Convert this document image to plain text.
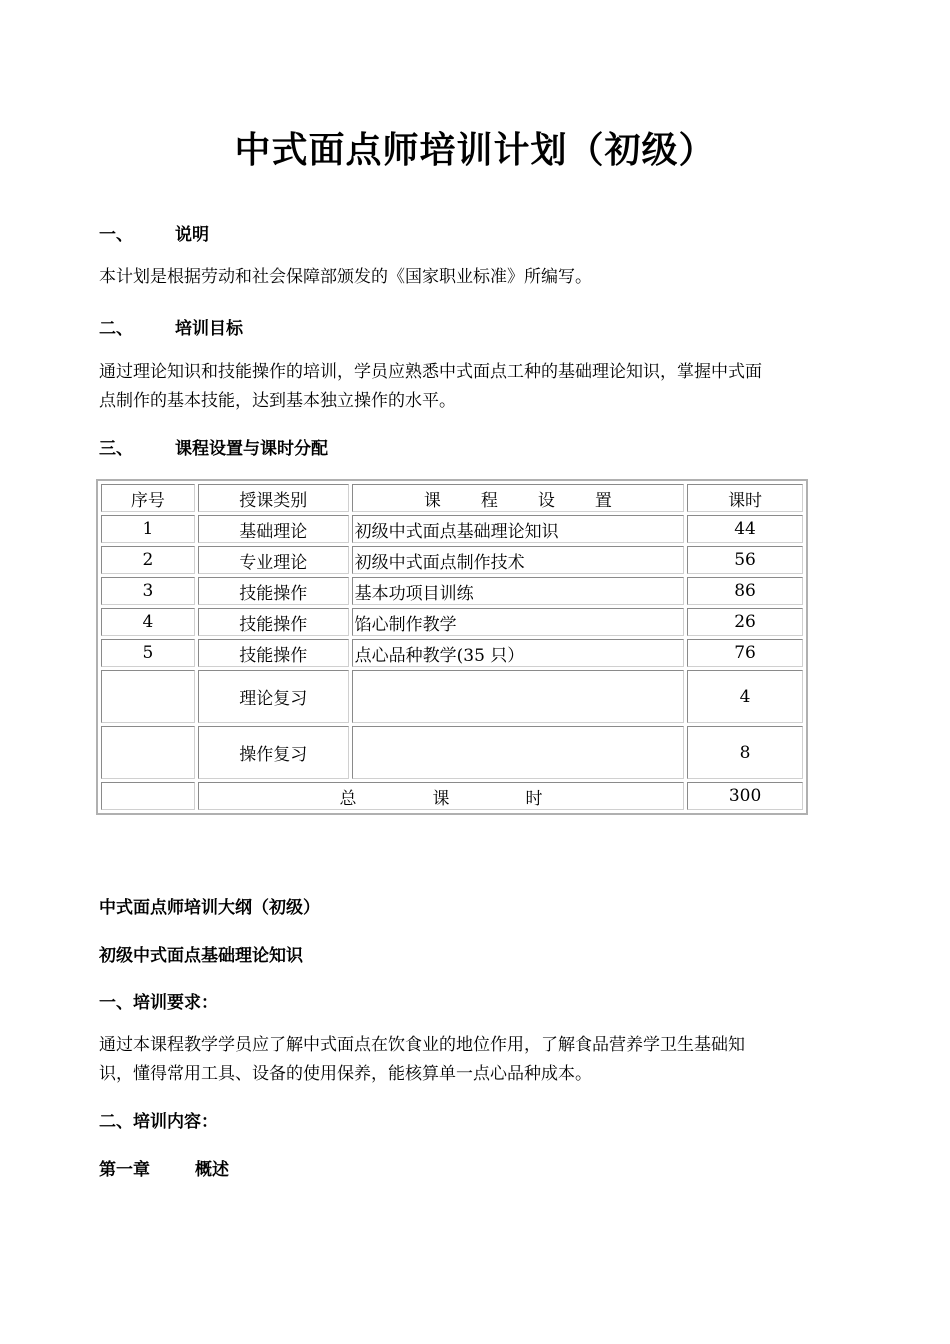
中式面点师培训计划（初级）
一、 说明
本计划是根据劳动和社会保障部颁发的《国家职业标准》所编写。
二、 培训目标
通过理论知识和技能操作的培训，学员应熟悉中式面点工种的基础理论知识，掌握中式面
点制作的基本技能，达到基本独立操作的水平。
三、 课程设置与课时分配
序号	授课类别	课 程 设 置	课时
1	基础理论	初级中式面点基础理论知识	44
2	专业理论	初级中式面点制作技术	56
3	技能操作	基本功项目训练	86
4	技能操作	馅心制作教学	26
5	技能操作	点心品种教学(35 只）	76
	理论复习		4
	操作复习		8
	总 课 时		300
中式面点师培训大纲（初级）
初级中式面点基础理论知识
一、培训要求：
通过本课程教学学员应了解中式面点在饮食业的地位作用，了解食品营养学卫生基础知
识，懂得常用工具、设备的使用保养，能核算单一点心品种成本。
二、培训内容：
第一章	概述
